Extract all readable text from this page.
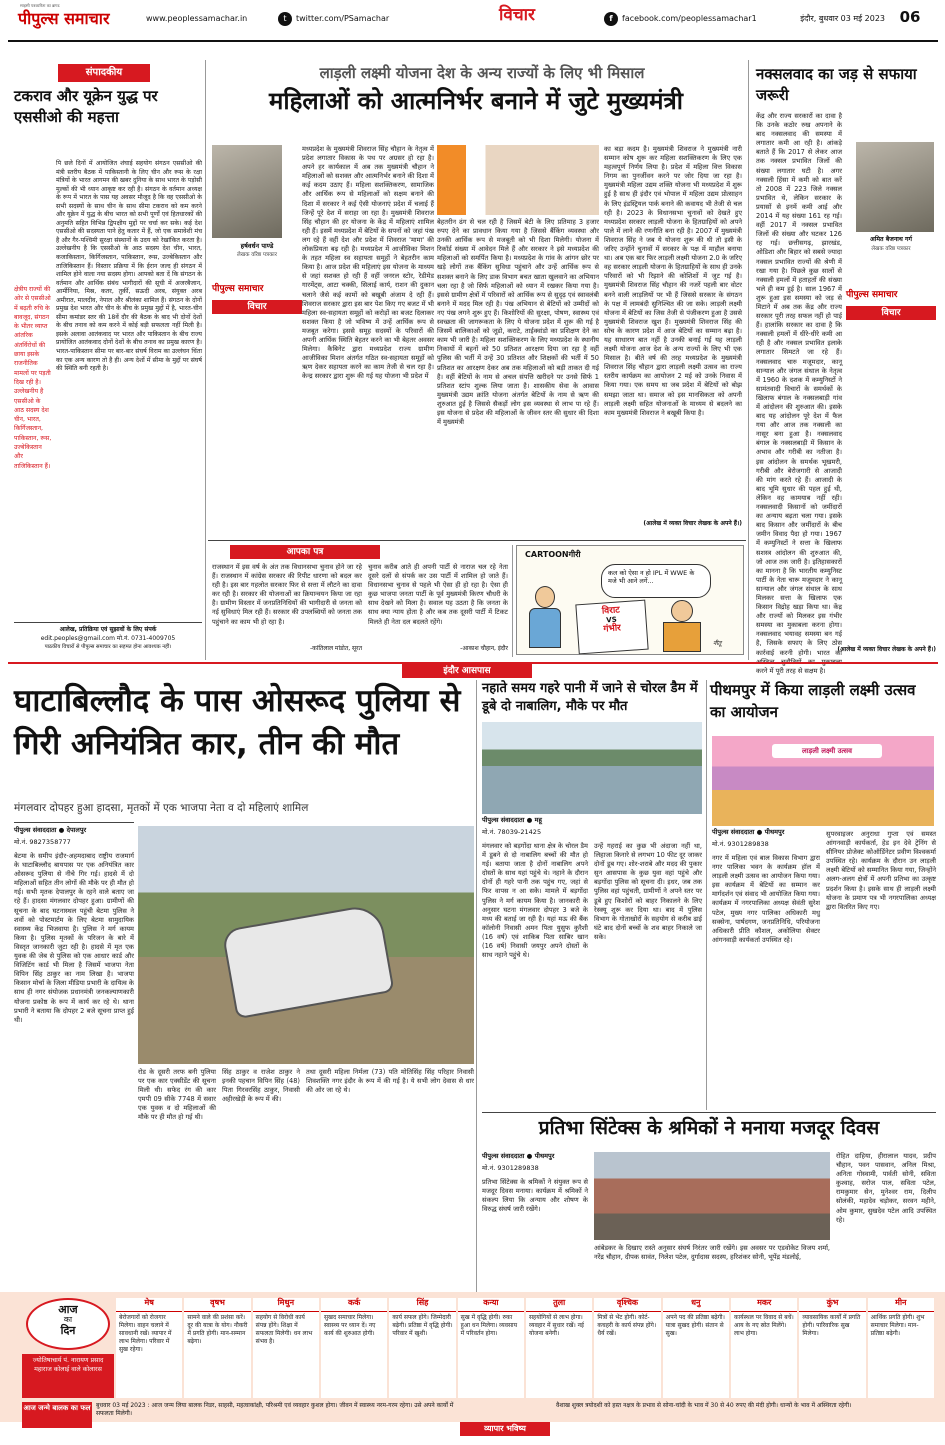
पीपुल्स समाचार
साहसी पत्रकारिता का ब्राण्ड
www.peoplessamachar.in	t	twitter.com/PSamachar	विचार	f	facebook.com/peoplessamachar1	इंदौर, बुधवार 03 मई 2023 06
संपादकीय
टकराव और यूक्रेन युद्ध पर एससीओ की महत्ता
पि छले दिनों में आयोजित शंघाई सहयोग संगठन एससीओ की मंत्री स्तरीय बैठक में पाकिस्तानी के लिए चीन और रूस के रक्षा मंत्रियों के भारत आगमन की खबर दुनिया के साथ भारत के पड़ोसी मुल्कों की भी ध्यान आकृष्ट कर रही है। संगठन के वर्तमान अध्यक्ष के रूप में भारत के पास यह अवसर मौजूद है कि वह एससीओ के सभी सदस्यों के साथ चीन के साथ सीमा टकराव को कम करने और यूक्रेन में युद्ध के बीच भारत को सभी पूर्णों एवं हितधारकों की अनुमति सहित विभिन्न द्विपक्षीय मुद्दों पर चर्चा कर सके। कई देश एससीओ की सदस्यता पाने हेतु कतार में हैं, जो एक समावेशी मंच है और गैर-पश्चिमी सुरक्षा संस्थानों के उदय को रेखांकित करता है। उल्लेखनीय है कि एससीओ के आठ सदस्य देश चीन, भारत, कजाकिस्तान, किर्गिजस्तान, पाकिस्तान, रूस, उज्बेकिस्तान और ताजिकिस्तान हैं। विस्तार प्रक्रिया में कि ईरान जल्द ही संगठन में शामिल होने वाला नया सदस्य होगा। आपको बता दें कि संगठन के वर्तमान और आर्थिक संबंध भागीदारों की सूची में अजरबैजान, आर्मीनिया, मिस्र, कतर, तुर्की, सऊदी अरब, संयुक्त अरब अमीरात, मालदीव, नेपाल और श्रीलंका शामिल हैं। संगठन के दोनों प्रमुख देश भारत और चीन के बीच के प्रमुख मुद्दों में है, भारत-चीन सीमा कमांडर स्तर की 18वें दौर की बैठक के बाद भी दोनों देशों के बीच तनाव को कम करने में कोई बड़ी सफलता नहीं मिली है। इसके अलावा आतंकवाद पर भारत और पाकिस्तान के बीच राज्य प्रायोजित आतंकवाद दोनों देशों के बीच तनाव का प्रमुख कारण है। भारत-पाकिस्तान सीमा पर बार-बार संघर्ष विराम का उल्लंघन चिंता का एक अन्य कारण तो है ही। अन्य देशों में सीमा के मुद्दों पर संघर्ष की स्थिति बनी रहती है।
क्षेत्रीय राज्यों की ओर से एससीओ में बढ़ती रुचि के बावजूद, संगठन के भीतर व्याप्त आंतरिक अंतर्विरोधों की छाया इसके राजनीतिक मामलों पर पड़ती दिख रही है। उल्लेखनीय है एससीओ के आठ सदस्य देश चीन, भारत, किर्गिजस्तान, पाकिस्तान, रूस, उज्बेकिस्तान और ताजिकिस्तान हैं।
आलेख, प्रतिक्रिया एवं सुझावों के लिए संपर्क
edit.peoples@gmail.com मो.नं. 0731-4009705
पाठकीय विचारों से पीपुल्स समाचार का सहमत होना आवश्यक नहीं।
लाड़ली लक्ष्मी योजना देश के अन्य राज्यों के लिए भी मिसाल
महिलाओं को आत्मनिर्भर बनाने में जुटे मुख्यमंत्री
हर्षवर्धन पाण्डे
लेखक वरिष्ठ पत्रकार
पीपुल्स समाचार
विचार
मध्यप्रदेश के मुख्यमंत्री शिवराज सिंह चौहान के नेतृत्व में प्रदेश लगातार विकास के पथ पर अग्रसर हो रहा है। अपने हर कार्यकाल में अब तक मुख्यमंत्री चौहान ने महिलाओं को सशक्त और आत्मनिर्भर बनाने की दिशा में कई कदम उठाए हैं। महिला सशक्तिकरण, सामाजिक और आर्थिक रूप से महिलाओं को सक्षम बनाने की दिशा में सरकार ने कई ऐसी योजनाएं प्रदेश में चलाई हैं जिन्हें पूरे देश में सराहा जा रहा है। मुख्यमंत्री शिवराज सिंह चौहान की हर योजना के केंद्र में महिलाएं शामिल रही हैं। इसमें मध्यप्रदेश में बेटियों के सपनों को जहां पंख लग रहे हैं वहीं देश और प्रदेश में शिवराज 'मामा' की लोकप्रियता बढ़ रही है। मध्यप्रदेश में आजीविका मिशन के तहत महिला स्व सहायता समूहों ने बेहतरीन काम किया है। आज प्रदेश की महिलाएं इस योजना के माध्यम से जहां सशक्त हो रही हैं वहीं जनरल स्टोर, रेडीमेड गारमेंट्स, आटा चक्की, सिलाई कार्य, राशन की दुकान चलाने जैसे कई कामों को बखूबी अंजाम दे रही हैं। शिवराज सरकार द्वारा इस बार पेश किए गए बजट में भी महिला स्व-सहायता समूहों को करोड़ों का बजट दिलाकर सशक्त किया है जो भविष्य में उन्हें आर्थिक रूप से मजबूत करेगा। इससे समूह सदस्यों के परिवारों की अपनी आर्थिक स्थिति बेहतर करने का भी बेहतर अवसर मिलेगा। कैबिनेट द्वारा मध्यप्रदेश राज्य ग्रामीण आजीविका मिशन अंतर्गत गठित स्व-सहायता समूहों को ऋण देकर सहायता करने का काम तेजी से चल रहा है। केन्द्र सरकार द्वारा शुरू की गई यह योजना भी प्रदेश में
बेहतरीन ढंग से चल रही है जिसमें बेटी के लिए प्रतिमाह 3 हजार रुपए देने का प्रावधान किया गया है जिससे बैंकिंग व्यवस्था और उनकी आर्थिक रूप से मजबूती को भी दिशा मिलेगी। योजना में रिकॉर्ड संख्या में आवेदन मिले हैं और सरकार ने इसे मध्यप्रदेश की महिलाओं को समर्पित किया है। मध्यप्रदेश के गांव के आंगन छोर पर खड़े लोगों तक बैंकिंग सुविधा पहुंचाने और उन्हें आर्थिक रूप से सशक्त बनाने के लिए डाक विभाग बचत खाता खुलवाने का अभियान चला रहा है जो सिर्फ महिलाओं को ध्यान में रखकर किया गया है। इससे ग्रामीण क्षेत्रों में परिवारों को आर्थिक रूप से सुदृढ़ एवं स्वावलंबी बनाने में मदद मिल रही है। पंख अभियान से बेटियों को उम्मीदों को नए पंख लगने शुरू हुए हैं। किशोरियों की सुरक्षा, पोषण, स्वास्थ्य एवं स्वच्छता की जागरूकता के लिए ये योजना प्रदेश में शुरू की गई है जिसमें बालिकाओं को जूडो, कराटे, ताईक्वांडो का प्रशिक्षण देने का काम भी जारी है। महिला सशक्तिकरण के लिए मध्यप्रदेश के स्थानीय निकायों में बहनों को 50 प्रतिशत आरक्षण दिया जा रहा है वहीं पुलिस की भर्ती में उन्हें 30 प्रतिशत और शिक्षकों की भर्ती में 50 प्रतिशत का आरक्षण देकर अब तक महिलाओं को बड़ी ताकत दी गई है। वहीं बेटियों के नाम से अचल संपत्ति खरीदने पर उनसे सिर्फ 1 प्रतिशत स्टांप शुल्क लिया जाता है। शासकीय सेवा के आवास मुख्यमंत्री उद्यम क्रांति योजना अंतर्गत बेटियों के नाम से ऋण की शुरुआत हुई है जिससे सैकड़ों लोग इस व्यवस्था से लाभ पा रहे हैं। इस योजना से प्रदेश की महिलाओं के जीवन स्तर की सुधार की दिशा में मुख्यमंत्री
का बड़ा कदम है। मुख्यमंत्री शिवराज ने मुख्यमंत्री नारी सम्मान कोष शुरू कर महिला सशक्तिकरण के लिए एक महत्वपूर्ण निर्णय लिया है। प्रदेश में महिला वित्त विकास निगम का पुनर्जीवन करने पर जोर दिया जा रहा है। मुख्यमंत्री महिला उद्यम शक्ति योजना भी मध्यप्रदेश में शुरू हुई है साथ ही इंदौर एवं भोपाल में महिला उद्यम प्रोत्साहन के लिए इंडस्ट्रियल पार्क बनाने की कवायद भी तेजी से चल रही है। 2023 के विधानसभा चुनावों को देखते हुए मध्यप्रदेश सरकार लाड़ली योजना के हितग्राहियों को अपने पाले में लाने की रणनीति बना रही है। 2007 में मुख्यमंत्री शिवराज सिंह ने जब ये योजना शुरू की थी तो इसी के जरिए उन्होंने चुनावों में सरकार के पक्ष में माहौल बनाया था। अब एक बार फिर लाड़ली लक्ष्मी योजना 2.0 के जरिए वह सरकार लाड़ली योजना के हितग्राहियों के साथ ही उनके परिवारों को भी रिझाने की कोशिशों में जुट गई है। मुख्यमंत्री शिवराज सिंह चौहान की नजरें पहली बार वोटर बनने वाली लाड़लियों पर भी हैं जिससे सरकार के संगठन के पक्ष में लामबंदी सुनिश्चित की जा सके। लाड़ली लक्ष्मी योजना में बेटियों का जिस तेजी से पंजीकरण हुआ है उससे मुख्यमंत्री शिवराज खुश हैं। मुख्यमंत्री शिवराज सिंह की सोच के कारण प्रदेश में आज बेटियों का सम्मान बढ़ा है। यह साधारण बात नहीं है उनकी बनाई गई यह लाड़ली लक्ष्मी योजना आज देश के अन्य राज्यों के लिए भी एक मिसाल है। बीते वर्ष की तरह मध्यप्रदेश के मुख्यमंत्री शिवराज सिंह चौहान द्वारा लाड़ली लक्ष्मी उत्सव का राज्य स्तरीय कार्यक्रम का आयोजन 2 मई को उनके निवास में किया गया। एक समय था जब प्रदेश में बेटियों को बोझ समझा जाता था। समाज को इस मानसिकता को अपनी लाड़ली लक्ष्मी सहित योजनाओं के माध्यम से बदलने का काम मुख्यमंत्री शिवराज ने बखूबी किया है।
(आलेख में व्यक्त विचार लेखक के अपने हैं।)
नक्सलवाद का जड़ से सफाया जरूरी
केंद्र और राज्य सरकारों का दावा है कि उनके कठोर रुख अपनाने के बाद नक्सलवाद की समस्या में लगातार कमी आ रही है। आंकड़े बताते हैं कि 2017 से लेकर आज तक नक्सल प्रभावित जिलों की संख्या लगातार घटी है। अगर नक्सली हिंसा में कमी को बात करें तो 2008 में 223 जिले नक्सल प्रभावित थे, लेकिन सरकार के प्रयासों से इनमें कमी आई और 2014 में यह संख्या 161 रह गई। वहीं 2017 में नक्सल प्रभावित जिलों की संख्या और घटकर 126 रह गई। छत्तीसगढ़, झारखंड, ओडिशा और बिहार को सबसे ज्यादा नक्सल प्रभावित राज्यों की श्रेणी में रखा गया है। पिछले कुछ सालों से नक्सली हमलों में हताहतों की संख्या भले ही कम हुई है। साल 1967 में शुरू हुआ इस समस्या को जड़ से मिटाने में अब तक केंद्र और राज्य सरकार पूरी तरह सफल नहीं हो पाई हैं। हालांकि सरकार का दावा है कि नक्सली हमलों में धीरे-धीरे कमी आ रही है और नक्सल प्रभावित इलाके लगातार सिमटते जा रहे हैं। नक्सलवाद चारु मजूमदार, कानू सान्याल और जंगल संथाल के नेतृत्व में 1960 के दशक में कम्युनिस्टों ने सामंतवादी विचारों के समर्थकों के खिलाफ बंगाल के नक्सलबाड़ी गांव में आंदोलन की शुरुआत की। इसके बाद यह आंदोलन पूरे देश में फैल गया और आज तक नक्सली का नासूर बना हुआ है। नक्सलवाद बंगाल के नक्सलबाड़ी में किसान के अभाव और गरीबी का नतीजा है। इस आंदोलन के समर्थक भूखमरी, गरीबी और बेरोजगारी से आजादी की मांग करते रहे हैं। आजादी के बाद भूमि सुधार की पहल हुई थी, लेकिन वह कामयाब नहीं रही। नक्सलवादी किसानों को जमींदारों का अन्याय बढ़ता चला गया। इसके बाद किसान और जमींदारों के बीच जमीन विवाद पैदा हो गया। 1967 में कम्युनिस्टों ने सत्ता के खिलाफ सशस्त्र आंदोलन की शुरुआत की, जो आज तक जारी है। इतिहासकारों का मानना है कि भारतीय कम्युनिस्ट पार्टी के नेता चारू मजूमदार ने कानू सान्याल और जंगल संथाल के साथ मिलकर सत्ता के खिलाफ एक किसान विद्रोह खड़ा किया था। केंद्र और राज्यों को मिलकर इस गंभीर समस्या का मुकाबला करना होगा। नक्सलवाद भयावह समस्या बन गई है, जिसके सफाए के लिए ठोस कार्रवाई करनी होगी। भारत का करने में पूरी तरह से सक्षम है।
अमित बैजनाथ गर्ग
लेखक वरिष्ठ पत्रकार
पीपुल्स समाचार
विचार
(आलेख में व्यक्त विचार लेखक के अपने हैं।)
आपका पत्र
राजस्थान में इस वर्ष के अंत तक विधानसभा चुनाव होने जा रहे हैं। राजस्थान में कांग्रेस सरकार की रिपीट धारणा को बदल कर रही है। इस बार गहलोत सरकार फिर से सत्ता में लौटने का दावा कर रही है। सरकार की योजनाओं का क्रियान्वयन किया जा रहा है। ग्रामीण विस्तार में जनप्रतिनिधियों की भागीदारी से जनता को नई सुविधाएं मिल रही हैं। सरकार की उपलब्धियों को जनता तक पहुंचाने का काम भी हो रहा है।
-कांतिलाल मांडोत, सूरत
चुनाव करीब आते ही अपनी पार्टी से नाराज चल रहे नेता दूसरे दलों से संपर्क कर उस पार्टी में शामिल हो जाते हैं। विधानसभा चुनाव से पहले भी ऐसा ही हो रहा है। ऐसा ही कुछ भाजपा जनता पार्टी के पूर्व मुख्यमंत्री किरण चौधरी के साथ देखने को मिला है। सवाल यह उठता है कि जनता के साथ क्या न्याय होता है और कब तक दूसरी पार्टी में टिकट मिलते ही नेता दल बदलते रहेंगे।
-आकाश चौहान, इंदौर
CARTOONगीरी
कल को ऐसा न हो IPL में WWE के मजे भी आने लगें...
विराट
VS
गंभीर
नीतू
इंदौर आसपास
घाटाबिल्लौद के पास ओसरूद पुलिया से गिरी अनियंत्रित कार, तीन की मौत
मंगलवार दोपहर हुआ हादसा, मृतकों में एक भाजपा नेता व दो महिलाएं शामिल
पीपुल्स संवाददाता ● देपालपुर
मो.नं. 9827358777
बेटमा के समीप इंदौर-अहमदाबाद राष्ट्रीय राजमार्ग के घाटाबिल्लौद बायपास पर एक अनियंत्रित कार ओसरूद पुलिया से नीचे गिर गई। हादसे में दो महिलाओं सहित तीन लोगों की मौके पर ही मौत हो गई। सभी मृतक देपालपुर के रहने वाले बताए जा रहे हैं। हादसा मंगलवार दोपहर हुआ। ग्रामीणों की सूचना के बाद घटनास्थल पहुंची बेटमा पुलिस ने शवों को पोस्टमार्टम के लिए बेटमा सामुदायिक स्वास्थ्य केंद्र भिजवाया है। पुलिस ने मर्ग कायम किया है। पुलिस मृतकों के परिजन के बारे में विस्तृत जानकारी जुटा रही है। हादसे में मृत एक युवक की जेब से पुलिस को एक आधार कार्ड और विजिटिंग कार्ड भी मिला है जिसमें भाजपा नेता विपिन सिंह ठाकुर का नाम लिखा है। भाजपा किसान मोर्चा के जिला मीडिया प्रभारी के दायित्व के साथ ही नगर संयोजक प्रधानमंत्री जनकल्याणकारी योजना प्रकोष्ठ के रूप में कार्य कर रहे थे। थाना प्रभारी ने बताया कि दोपहर 2 बजे सूचना प्राप्त हुई थी।
रोड के दूसरी तरफ बनी पुलिया पर एक कार एक्सीडेंट की सूचना मिली थी। सफेद रंग की कार एमपी 09 सीके 7748 में सवार एक युवक व दो महिलाओं की मौके पर ही मौत हो गई थी।
सिंह ठाकुर व राजेश ठाकुर ने इनकी पहचान विपिन सिंह (48) पिता गिरवरसिंह ठाकुर, निवासी अहीरखेड़ी के रूप में की।
तथा दूसरी महिला निर्मला (73) पति मोतिसिंह सिंह परिहार निवासी शिवशक्ति नगर इंदौर के रूप में की गई है। ये सभी लोग देवास से धार की ओर जा रहे थे।
नहाते समय गहरे पानी में जाने से चोरल डैम में डूबे दो नाबालिग, मौके पर मौत
पीपुल्स संवाददाता ● महू
मो.नं. 78039-21425
मंगलवार को बड़गोंदा थाना क्षेत्र के चोरल डैम में डूबने से दो नाबालिग बच्चों की मौत हो गई। बताया जाता है दोनों नाबालिग अपने दोस्तों के साथ यहां पहुंचे थे। नहाने के दौरान दोनों ही गहरे पानी तक पहुंच गए, जहां से फिर वापस न आ सके। मामले में बड़गोंदा पुलिस ने मर्ग कायम किया है। जानकारी के अनुसार घटना मंगलवार दोपहर 3 बजे के मध्य की बताई जा रही है। यहां मऊ की बैंक कॉलोनी निवासी अमन पिता युसुफ कुरैशी (16 वर्ष) एवं शाकिब पिता साबिर खान (16 वर्ष) निवासी जयपुर अपने दोस्तों के साथ नहाने पहुंचे थे।
उन्हें गहराई का कुछ भी अंदाजा नहीं था, लिहाजा किनारे से लगभग 10 फीट दूर जाकर दोनों डूब गए। शोर-शराबे और मदद की पुकार सुन आसपास के कुछ युवा वहां पहुंचे और बड़गोंदा पुलिस को सूचना दी। इधर, जब तक पुलिस वहां पहुंचती, ग्रामीणों ने अपने स्तर पर डूबे हुए किशोरों को बाहर निकालने के लिए रेस्क्यू शुरू कर दिया था। बाद में पुलिस विभाग के गोताखोरों के सहयोग से करीब ढाई घंटे बाद दोनों बच्चों के शव बाहर निकाले जा सके।
पीथमपुर में किया लाड़ली लक्ष्मी उत्सव का आयोजन
लाड़ली लक्ष्मी उत्सव
पीपुल्स संवाददाता ● पीथमपुर
मो.नं. 9301289838
नगर में महिला एवं बाल विकास विभाग द्वारा नगर पालिका भवन के कार्यक्रम हॉल में लाड़ली लक्ष्मी उत्सव का आयोजन किया गया। इस कार्यक्रम में बेटियों का सम्मान कर मार्गदर्शन एवं संवाद भी आयोजित किया गया। कार्यक्रम में नगरपालिका अध्यक्ष सेवंती सुरेश पटेल, मुख्य नगर पालिका अधिकारी मधु सक्सेना, पार्षदगण, जनप्रतिनिधि, परियोजना अधिकारी प्रीति कौशल, अकोलिया सेक्टर आंगनवाड़ी कार्यकर्ता उपस्थित रहे।
सुपरवाइजर अनुराधा गुप्ता एवं समस्त आंगनवाड़ी कार्यकर्ता, हेड इन देवे ट्रेनिंग से सीनियर प्रोजेक्ट कोऑर्डिनेटर प्रवीण विश्वकर्मा उपस्थित रहे। कार्यक्रम के दौरान उन लाड़ली लक्ष्मी बेटियों को सम्मानित किया गया, जिन्होंने अलग-अलग क्षेत्रों में अपनी प्रतिभा का उत्कृष्ट प्रदर्शन किया है। इसके साथ ही लाड़ली लक्ष्मी योजना के प्रमाण पत्र भी नगरपालिका अध्यक्ष द्वारा वितरित किए गए।
प्रतिभा सिंटेक्स के श्रमिकों ने मनाया मजदूर दिवस
पीपुल्स संवाददाता ● पीथमपुर
मो.नं. 9301289838
प्रतिभा सिंटेक्स के श्रमिकों ने संयुक्त रूप से मजदूर दिवस मनाया। कार्यक्रम में श्रमिकों ने संकल्प लिया कि अन्याय और शोषण के विरुद्ध संघर्ष जारी रखेंगे।
आंबेडकर के दिखाए रास्ते अनुसार संघर्ष निरंतर जारी रखेंगे। इस अवसर पर एडवोकेट विजय शर्मा, नरेंद्र चौहान, दीपक सावंत, निलेश पटेल, दुर्गादास सदस्य, हरिशंकर सोनी, भूपेंद्र मंडलोई,
रोहित दाहिया, हीरालाल यादव, प्रदीप चौहान, पवन पासवान, अनिल मिश्रा, अनिता गोस्वामी, पार्वती सोनी, सविता कुश्वाह, सरोज पाल, सविता पटेल, रामकुमार सेन, मुनेश्वर राम, दिलीप सोलंकी, महादेव चड़ोकर, सरवन महीने, ओम कुमार, सुखदेव पटेल आदि उपस्थित रहे।
आज
का
दिन
ज्योतिषाचार्य पं. नारायण प्रसाद महाराज कोलाई वाले कोलारस
मेष
बेरोजगारों को रोजगार मिलेगा। वाहन चलाने में सावधानी रखें। व्यापार में लाभ मिलेगा। परिवार में सुख रहेगा।
वृषभ
सामने वाले की प्रशंसा करें। दूर की यात्रा के योग। नौकरी में प्रगति होगी। मान-सम्मान बढ़ेगा।
मिथुन
सहयोग से विरोधी कार्य संपन्न होंगे। शिक्षा में सफलता मिलेगी। धन लाभ संभव है।
कर्क
सुखद समाचार मिलेगा। स्वास्थ्य पर ध्यान दें। नए कार्य की शुरुआत होगी।
सिंह
कार्य सफल होंगे। जिम्मेदारी बढ़ेगी। प्रतिष्ठा में वृद्धि होगी। परिवार में खुशी।
कन्या
सुख में वृद्धि होगी। रुका हुआ धन मिलेगा। व्यवसाय में परिवर्तन होगा।
तुला
सहयोगियों से लाभ होगा। व्यवहार में सुधार रखें। नई योजना बनेगी।
वृश्चिक
मित्रों से भेंट होगी। कोर्ट-कचहरी के कार्य संपन्न होंगे। धैर्य रखें।
धनु
अपने पद की प्रतिष्ठा बढ़ेगी। यात्रा सुखद होगी। संतान से सुख।
मकर
कार्यस्थल पर विवाद से बचें। आय के नए स्रोत मिलेंगे। लाभ होगा।
कुंभ
व्यावसायिक कार्यों में प्रगति होगी। पारिवारिक सुख मिलेगा।
मीन
आर्थिक प्रगति होगी। शुभ समाचार मिलेगा। मान-प्रतिष्ठा बढ़ेगी।
आज जन्मे बालक का फल बुधवार 03 मई 2023 : आज जन्म लिया बालक निडर, साहसी, महत्वाकांक्षी, परिश्रमी एवं व्यवहार कुशल होगा। जीवन में स्वास्थ्य नरम-गरम रहेगा। उसे अपने कार्यों में सफलता मिलेगी।
व्यापार भविष्य
वैशाख शुक्ल त्रयोदशी को हस्त नक्षत्र के प्रभाव से सोना-चांदी के भाव में 30 से 40 रुपए की मंदी होगी। धान्यों के भाव में अस्थिरता रहेगी।
